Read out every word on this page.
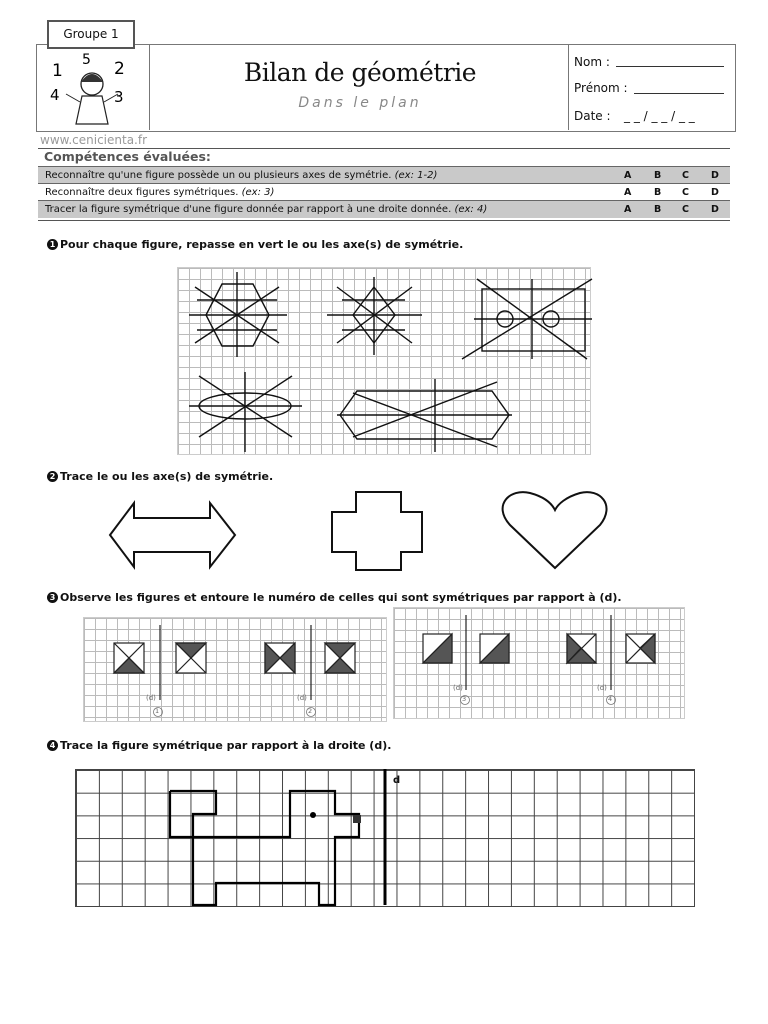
Groupe 1
1
5 2
4	3
Bilan de géométrie
Dans le plan
Nom :
Prénom :
Date : _ _ / _ _ / _ _
www.cenicienta.fr
Compétences évaluées:
Reconnaître qu'une figure possède un ou plusieurs axes de symétrie. (ex: 1-2)	A B C D
Reconnaître deux figures symétriques. (ex: 3)	A B C D
Tracer la figure symétrique d'une figure donnée par rapport à une droite donnée. (ex: 4)	A B C D
1 Pour chaque figure, repasse en vert le ou les axe(s) de symétrie.
2 Trace le ou les axe(s) de symétrie.
3 Observe les figures et entoure le numéro de celles qui sont symétriques par rapport à (d).
(d)	(d)
(d)	(d)
1	2
3	4
4 Trace la figure symétrique par rapport à la droite (d).
d
